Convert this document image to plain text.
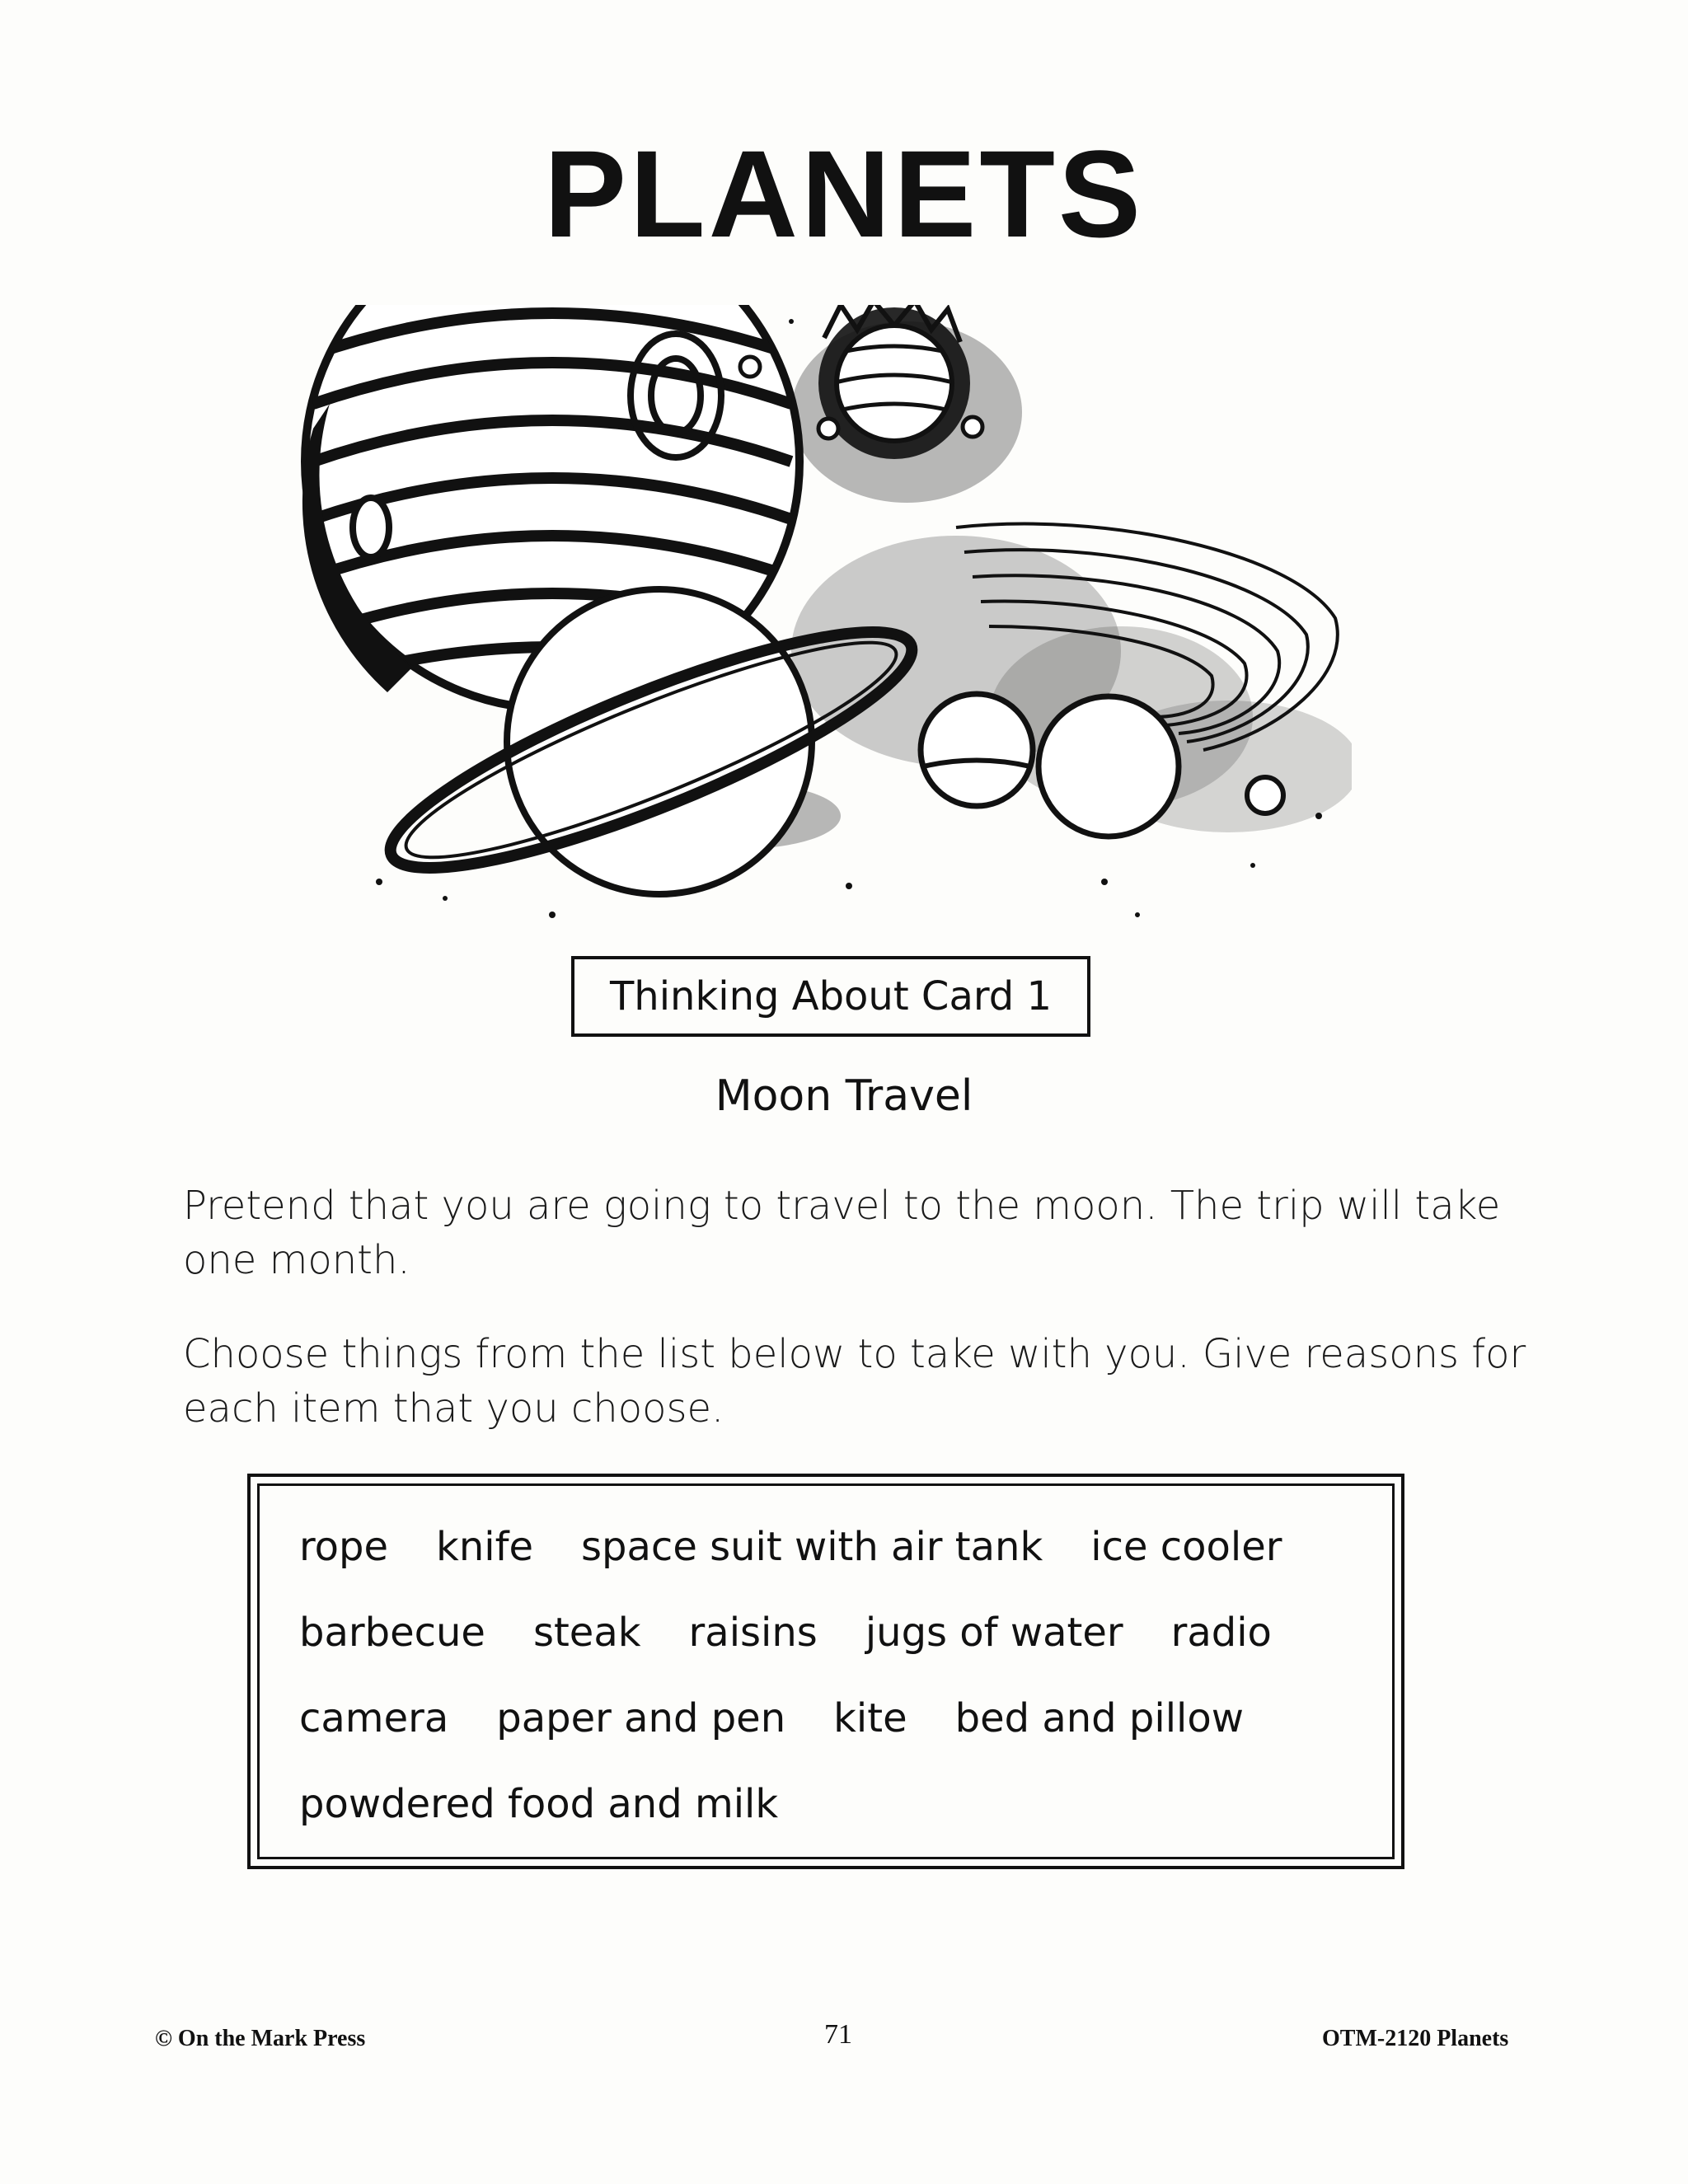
PLANETS
Thinking About Card 1
Moon Travel
Pretend that you are going to travel to the moon. The trip will take one month.
Choose things from the list below to take with you. Give reasons for each item that you choose.
rope knife space suit with air tank ice cooler
barbecue steak raisins jugs of water radio
camera paper and pen kite bed and pillow
powdered food and milk
© On the Mark Press	71	OTM-2120 Planets
